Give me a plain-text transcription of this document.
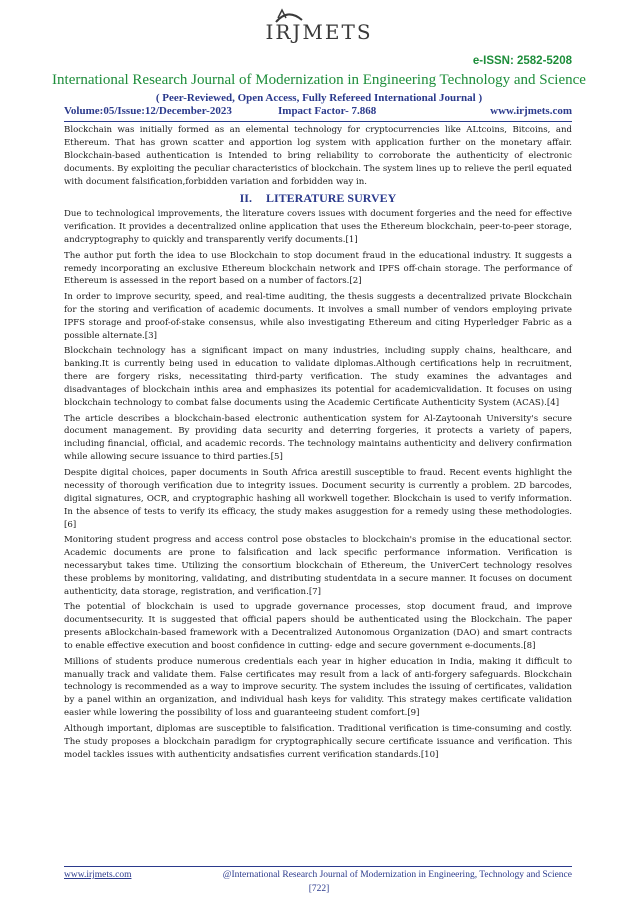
IRJMETS
e-ISSN: 2582-5208
International Research Journal of Modernization in Engineering Technology and Science
( Peer-Reviewed, Open Access, Fully Refereed International Journal )
Volume:05/Issue:12/December-2023	Impact Factor- 7.868	www.irjmets.com

Blockchain was initially formed as an elemental technology for cryptocurrencies like ALtcoins, Bitcoins, and Ethereum. That has grown scatter and apportion log system with application further on the monetary affair. Blockchain-based authentication is Intended to bring reliability to corroborate the authenticity of electronic documents. By exploiting the peculiar characteristics of blockchain. The system lines up to relieve the peril equated with document falsification,forbidden variation and forbidden way in.

II. LITERATURE SURVEY

Due to technological improvements, the literature covers issues with document forgeries and the need for effective verification. It provides a decentralized online application that uses the Ethereum blockchain, peer-to-peer storage, andcryptography to quickly and transparently verify documents.[1]

The author put forth the idea to use Blockchain to stop document fraud in the educational industry. It suggests a remedy incorporating an exclusive Ethereum blockchain network and IPFS off-chain storage. The performance of Ethereum is assessed in the report based on a number of factors.[2]

In order to improve security, speed, and real-time auditing, the thesis suggests a decentralized private Blockchain for the storing and verification of academic documents. It involves a small number of vendors employing private IPFS storage and proof-of-stake consensus, while also investigating Ethereum and citing Hyperledger Fabric as a possible alternate.[3]

Blockchain technology has a significant impact on many industries, including supply chains, healthcare, and banking.It is currently being used in education to validate diplomas.Although certifications help in recruitment, there are forgery risks, necessitating third-party verification. The study examines the advantages and disadvantages of blockchain inthis area and emphasizes its potential for academicvalidation. It focuses on using blockchain technology to combat false documents using the Academic Certificate Authenticity System (ACAS).[4]

The article describes a blockchain-based electronic authentication system for Al-Zaytoonah University's secure document management. By providing data security and deterring forgeries, it protects a variety of papers, including financial, official, and academic records. The technology maintains authenticity and delivery confirmation while allowing secure issuance to third parties.[5]

Despite digital choices, paper documents in South Africa arestill susceptible to fraud. Recent events highlight the necessity of thorough verification due to integrity issues. Document security is currently a problem. 2D barcodes, digital signatures, OCR, and cryptographic hashing all workwell together. Blockchain is used to verify information. In the absence of tests to verify its efficacy, the study makes asuggestion for a remedy using these methodologies.[6]

Monitoring student progress and access control pose obstacles to blockchain's promise in the educational sector. Academic documents are prone to falsification and lack specific performance information. Verification is necessarybut takes time. Utilizing the consortium blockchain of Ethereum, the UniverCert technology resolves these problems by monitoring, validating, and distributing studentdata in a secure manner. It focuses on document authenticity, data storage, registration, and verification.[7]

The potential of blockchain is used to upgrade governance processes, stop document fraud, and improve documentsecurity. It is suggested that official papers should be authenticated using the Blockchain. The paper presents aBlockchain-based framework with a Decentralized Autonomous Organization (DAO) and smart contracts to enable effective execution and boost confidence in cutting- edge and secure government e-documents.[8]

Millions of students produce numerous credentials each year in higher education in India, making it difficult to manually track and validate them. False certificates may result from a lack of anti-forgery safeguards. Blockchain technology is recommended as a way to improve security. The system includes the issuing of certificates, validation by a panel within an organization, and individual hash keys for validity. This strategy makes certificate validation easier while lowering the possibility of loss and guaranteeing student comfort.[9]

Although important, diplomas are susceptible to falsification. Traditional verification is time-consuming and costly. The study proposes a blockchain paradigm for cryptographically secure certificate issuance and verification. This model tackles issues with authenticity andsatisfies current verification standards.[10]

www.irjmets.com	@International Research Journal of Modernization in Engineering, Technology and Science
[722]
